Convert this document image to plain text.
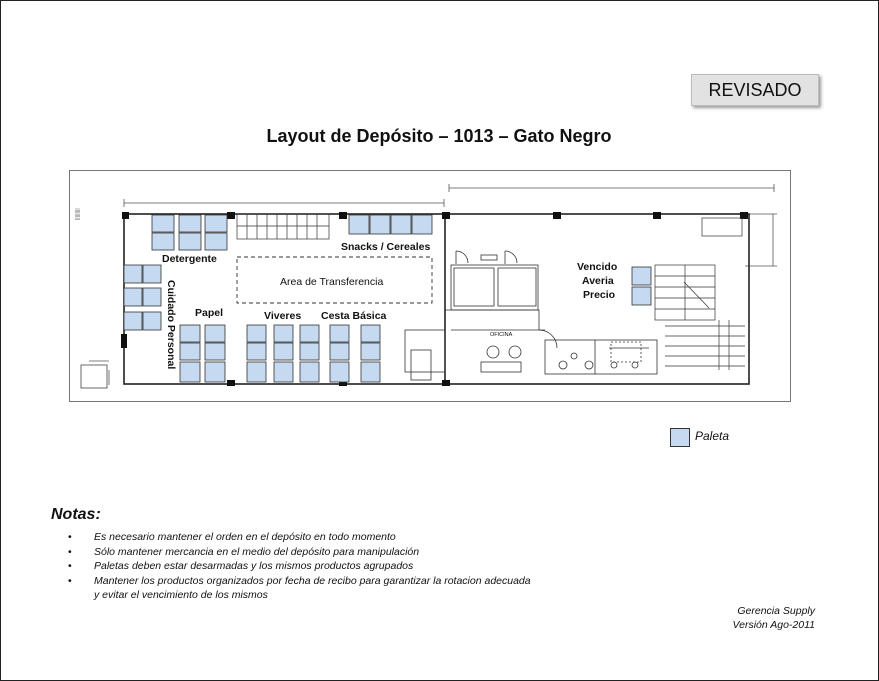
REVISADO
Layout de Depósito – 1013 – Gato Negro
|||||||||
Detergente
Snacks / Cereales
Papel	Viveres Cesta Básica
Vencido
Averia
Precio
Cuidado Personal	Area de Transferencia
OFICINA
Paleta
Notas:
• Es necesario mantener el orden en el depósito en todo momento
• Sólo mantener mercancia en el medio del depósito para manipulación
• Paletas deben estar desarmadas y los mismos productos agrupados
• Mantener los productos organizados por fecha de recibo para garantizar la rotacion adecuada y evitar el vencimiento de los mismos
Gerencia Supply
Versión Ago-2011
